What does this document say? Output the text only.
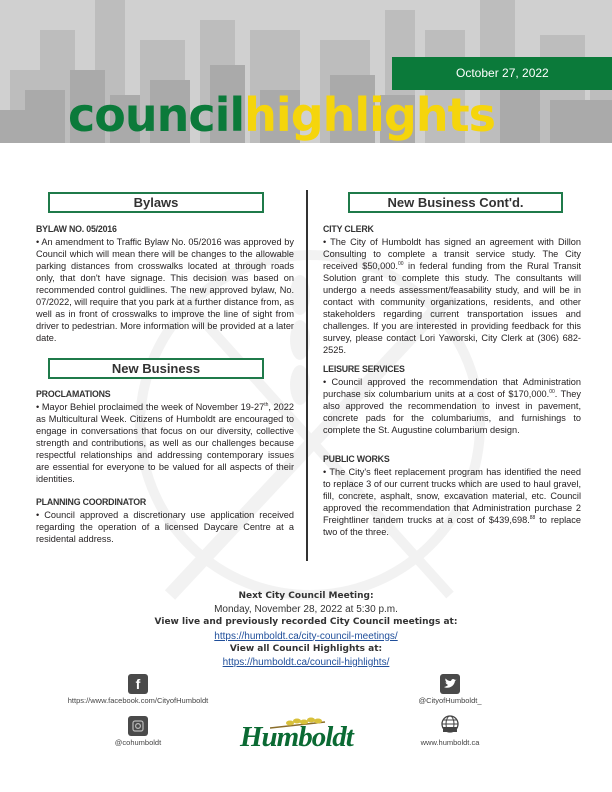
October 27, 2022
councilhighlights
Bylaws

BYLAW NO. 05/2016

• An amendment to Traffic Bylaw No. 05/2016 was approved by Council which will mean there will be changes to the allowable parking distances from crosswalks located at through roads only, that don't have signage. This decision was based on recommended control guidlines. The new approved bylaw, No. 07/2022, will require that you park at a further distance from, as well as in front of crosswalks to improve the line of sight from driver to pedestrian. More information will be provided at a later date.

New Business

PROCLAMATIONS

• Mayor Behiel proclaimed the week of November 19-27th, 2022 as Multicultural Week. Citizens of Humboldt are encouraged to engage in conversations that focus on our diversity, collective strength and contributions, as well as our challenges because respectful relationships and addressing contemporary issues are essential for everyone to be valued for all aspects of their identities.

PLANNING COORDINATOR

• Council approved a discretionary use application received regarding the operation of a licensed Daycare Centre at a residental address.

New Business Cont'd.

CITY CLERK

• The City of Humboldt has signed an agreement with Dillon Consulting to complete a transit service study. The City received $50,000.00 in federal funding from the Rural Transit Solution grant to complete this study. The consultants will undergo a needs assessment/feasability study, and will be in contact with community organizations, residents, and other stakeholders regarding current transportation issues and challenges. If you are interested in providing feedback for this survey, please contact Lori Yaworski, City Clerk at (306) 682-2525.

LEISURE SERVICES

• Council approved the recommendation that Administration purchase six columbarium units at a cost of $170,000.00. They also approved the recommendation to invest in pavement, concrete pads for the columbariums, and furnishings to complete the St. Augustine columbarium design.

PUBLIC WORKS

• The City's fleet replacement program has identified the need to replace 3 of our current trucks which are used to haul gravel, fill, concrete, asphalt, snow, excavation material, etc. Council approved the recommendation that Administration purchase 2 Freightliner tandem trucks at a cost of $439,698.88 to replace two of the three.

Next City Council Meeting:
Monday, November 28, 2022 at 5:30 p.m.
View live and previously recorded City Council meetings at:
https://humboldt.ca/city-council-meetings/
View all Council Highlights at:
https://humboldt.ca/council-highlights/
f
https://www.facebook.com/CityofHumboldt
@cohumboldt
@CityofHumboldt_
www.humboldt.ca
Humboldt
